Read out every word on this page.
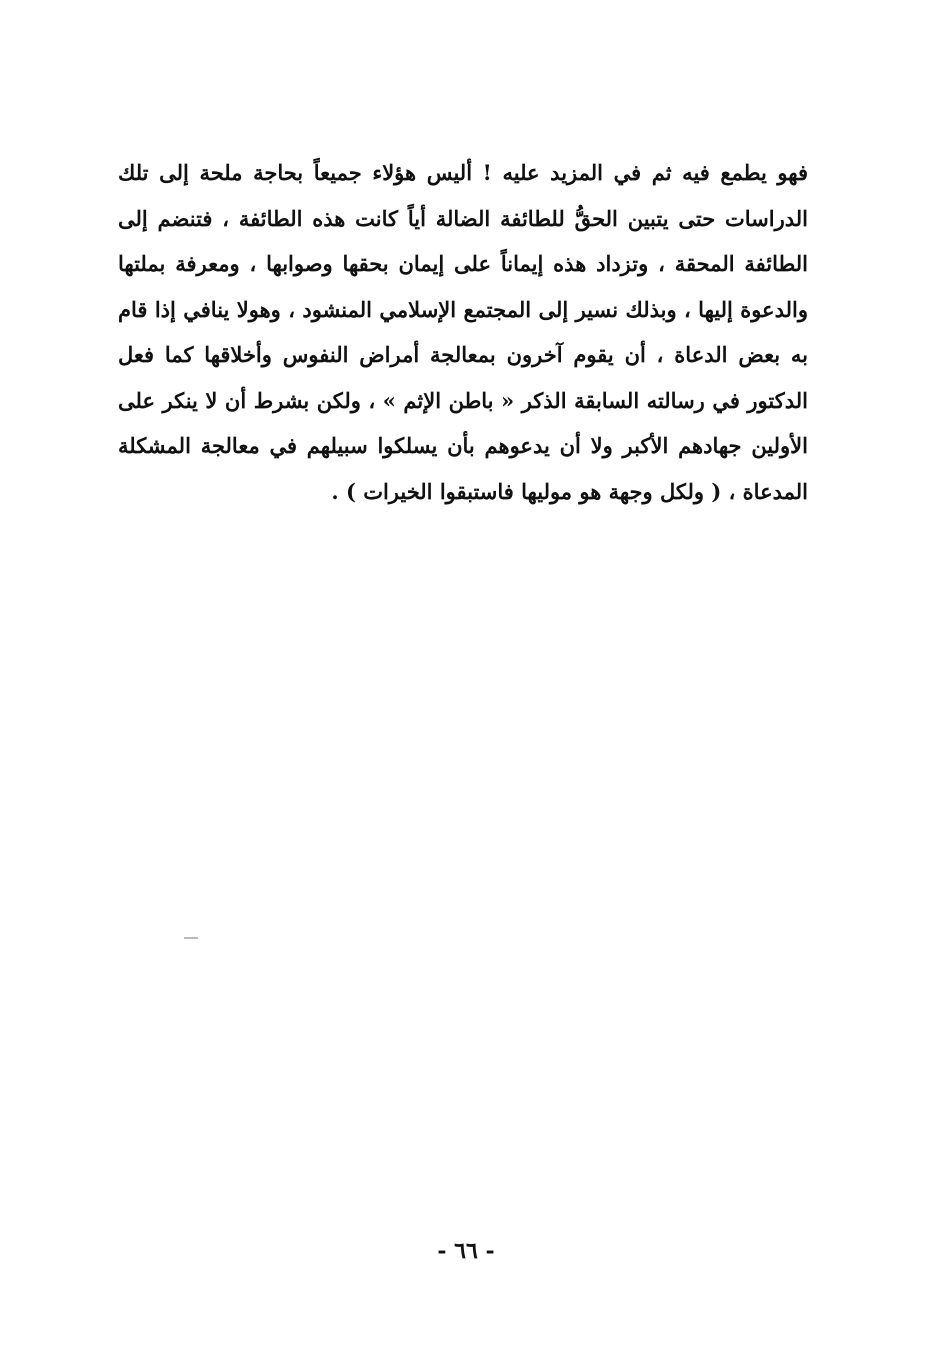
فهو يطمع فيه ثم في المزيد عليه ! أليس هؤلاء جميعاً بحاجة ملحة إلى تلك
الدراسات حتى يتبين الحقُّ للطائفة الضالة أياً كانت هذه الطائفة ، فتنضم إلى
الطائفة المحقة ، وتزداد هذه إيماناً على إيمان بحقها وصوابها ، ومعرفة بملتها
والدعوة إليها ، وبذلك نسير إلى المجتمع الإسلامي المنشود ، وهولا ينافي إذا قام
به بعض الدعاة ، أن يقوم آخرون بمعالجة أمراض النفوس وأخلاقها كما فعل
الدكتور في رسالته السابقة الذكر « باطن الإثم » ، ولكن بشرط أن لا ينكر على
الأولين جهادهم الأكبر ولا أن يدعوهم بأن يسلكوا سبيلهم في معالجة المشكلة
المدعاة ، ( ولكل وجهة هو موليها فاستبقوا الخيرات ) .
- ٦٦ -
